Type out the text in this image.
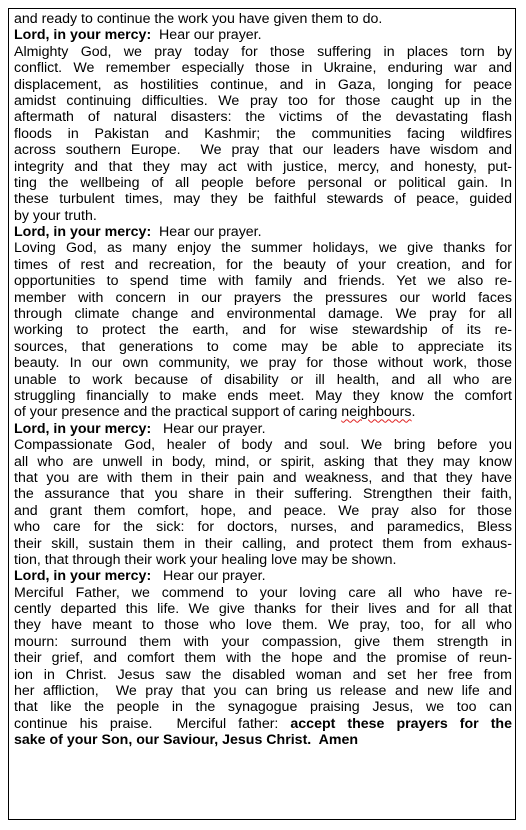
and ready to continue the work you have given them to do.
Lord, in your mercy:  Hear our prayer.
Almighty God, we pray today for those suffering in places torn by
conflict. We remember especially those in Ukraine, enduring war and
displacement, as hostilities continue, and in Gaza, longing for peace
amidst continuing difficulties. We pray too for those caught up in the
aftermath of natural disasters: the victims of the devastating flash
floods in Pakistan and Kashmir; the communities facing wildfires
across southern Europe.  We pray that our leaders have wisdom and
integrity and that they may act with justice, mercy, and honesty, put-
ting the wellbeing of all people before personal or political gain. In
these turbulent times, may they be faithful stewards of peace, guided
by your truth.
Lord, in your mercy:  Hear our prayer.
Loving God, as many enjoy the summer holidays, we give thanks for
times of rest and recreation, for the beauty of your creation, and for
opportunities to spend time with family and friends. Yet we also re-
member with concern in our prayers the pressures our world faces
through climate change and environmental damage. We pray for all
working to protect the earth, and for wise stewardship of its re-
sources, that generations to come may be able to appreciate its
beauty. In our own community, we pray for those without work, those
unable to work because of disability or ill health, and all who are
struggling financially to make ends meet. May they know the comfort
of your presence and the practical support of caring neighbours.
Lord, in your mercy:   Hear our prayer.
Compassionate God, healer of body and soul. We bring before you
all who are unwell in body, mind, or spirit, asking that they may know
that you are with them in their pain and weakness, and that they have
the assurance that you share in their suffering. Strengthen their faith,
and grant them comfort, hope, and peace. We pray also for those
who care for the sick: for doctors, nurses, and paramedics, Bless
their skill, sustain them in their calling, and protect them from exhaus-
tion, that through their work your healing love may be shown.
Lord, in your mercy:   Hear our prayer.
Merciful Father, we commend to your loving care all who have re-
cently departed this life. We give thanks for their lives and for all that
they have meant to those who love them. We pray, too, for all who
mourn: surround them with your compassion, give them strength in
their grief, and comfort them with the hope and the promise of reun-
ion in Christ. Jesus saw the disabled woman and set her free from
her affliction,  We pray that you can bring us release and new life and
that like the people in the synagogue praising Jesus, we too can
continue his praise.  Merciful father: accept these prayers for the
sake of your Son, our Saviour, Jesus Christ.  Amen
